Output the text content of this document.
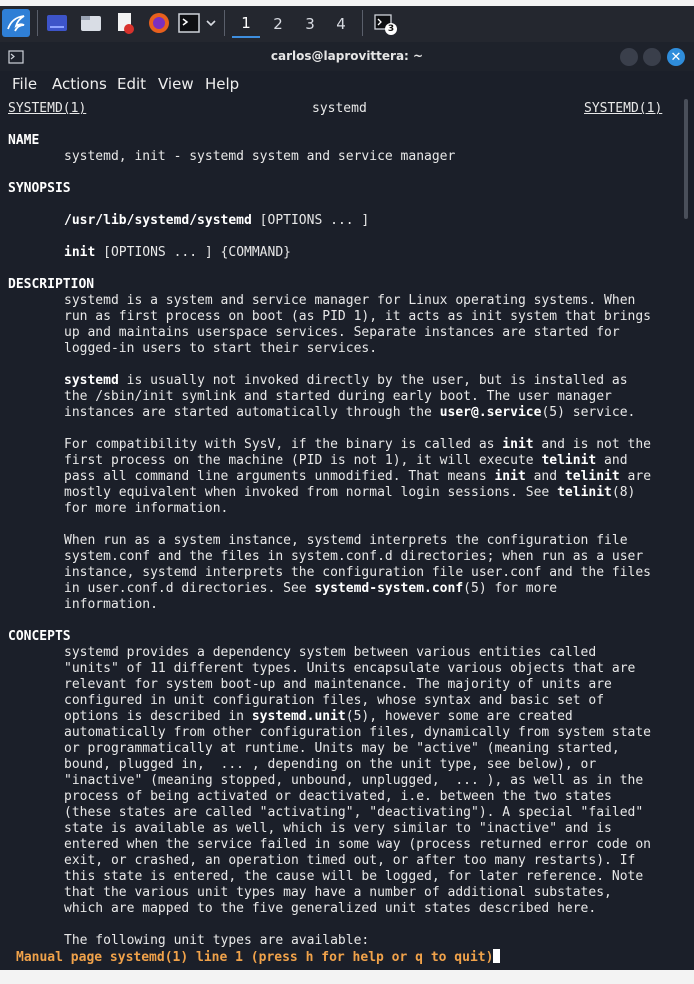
1	2	3	4	3
carlos@laprovittera: ~	✕
File Actions Edit View Help
SYSTEMD(1)	systemd	SYSTEMD(1)
NAME
systemd, init - systemd system and service manager
SYNOPSIS
/usr/lib/systemd/systemd [OPTIONS ... ]
init [OPTIONS ... ] {COMMAND}
DESCRIPTION
systemd is a system and service manager for Linux operating systems. When
run as first process on boot (as PID 1), it acts as init system that brings
up and maintains userspace services. Separate instances are started for
logged-in users to start their services.
systemd is usually not invoked directly by the user, but is installed as
the /sbin/init symlink and started during early boot. The user manager
instances are started automatically through the user@.service(5) service.
For compatibility with SysV, if the binary is called as init and is not the
first process on the machine (PID is not 1), it will execute telinit and
pass all command line arguments unmodified. That means init and telinit are
mostly equivalent when invoked from normal login sessions. See telinit(8)
for more information.
When run as a system instance, systemd interprets the configuration file
system.conf and the files in system.conf.d directories; when run as a user
instance, systemd interprets the configuration file user.conf and the files
in user.conf.d directories. See systemd-system.conf(5) for more
information.
CONCEPTS
systemd provides a dependency system between various entities called
"units" of 11 different types. Units encapsulate various objects that are
relevant for system boot-up and maintenance. The majority of units are
configured in unit configuration files, whose syntax and basic set of
options is described in systemd.unit(5), however some are created
automatically from other configuration files, dynamically from system state
or programmatically at runtime. Units may be "active" (meaning started,
bound, plugged in,  ... , depending on the unit type, see below), or
"inactive" (meaning stopped, unbound, unplugged,  ... ), as well as in the
process of being activated or deactivated, i.e. between the two states
(these states are called "activating", "deactivating"). A special "failed"
state is available as well, which is very similar to "inactive" and is
entered when the service failed in some way (process returned error code on
exit, or crashed, an operation timed out, or after too many restarts). If
this state is entered, the cause will be logged, for later reference. Note
that the various unit types may have a number of additional substates,
which are mapped to the five generalized unit states described here.
The following unit types are available:
Manual page systemd(1) line 1 (press h for help or q to quit)
